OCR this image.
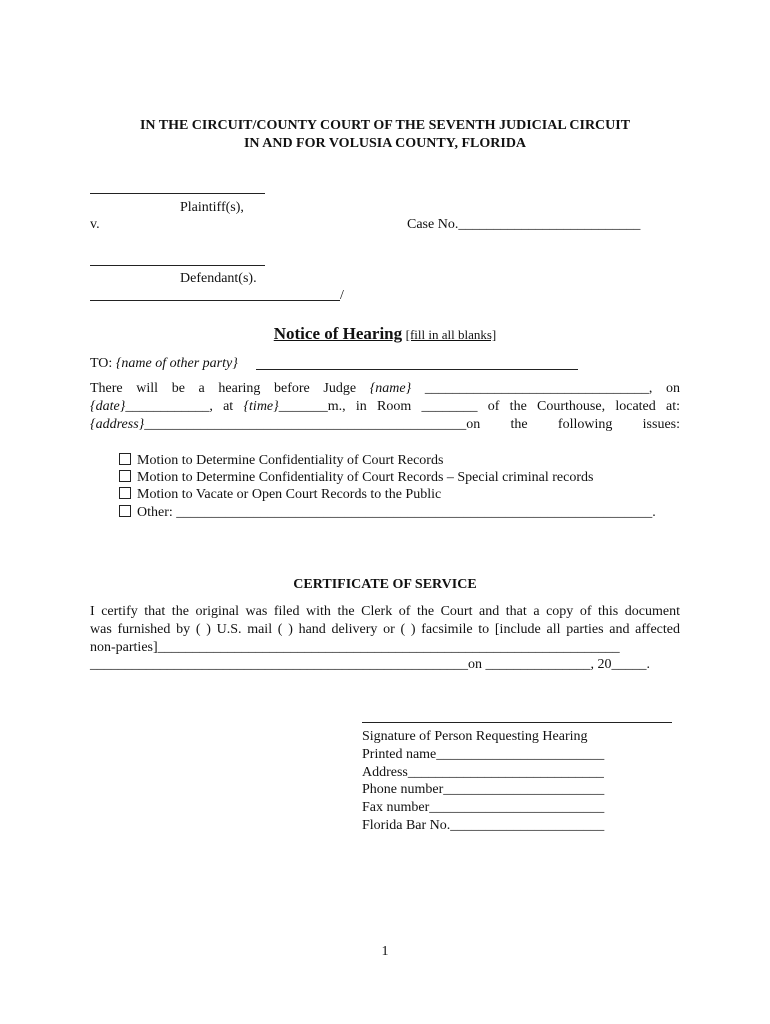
IN THE CIRCUIT/COUNTY COURT OF THE SEVENTH JUDICIAL CIRCUIT
IN AND FOR VOLUSIA COUNTY, FLORIDA
Plaintiff(s),
v.	Case No.__________________________
Defendant(s).
/
Notice of Hearing [fill in all blanks]
TO: {name of other party}
There will be a hearing before Judge {name} ________________________________, on
{date}____________, at {time}_______m., in Room ________ of the Courthouse, located at:
{address}______________________________________________on the following issues:
Motion to Determine Confidentiality of Court Records
Motion to Determine Confidentiality of Court Records – Special criminal records
Motion to Vacate or Open Court Records to the Public
Other: ____________________________________________________________________.
CERTIFICATE OF SERVICE
I certify that the original was filed with the Clerk of the Court and that a copy of this document
was furnished by ( ) U.S. mail ( ) hand delivery or ( ) facsimile to [include all parties and affected
non-parties]__________________________________________________________________
______________________________________________________on _______________, 20_____.
Signature of Person Requesting Hearing
Printed name________________________
Address____________________________
Phone number_______________________
Fax number_________________________
Florida Bar No.______________________
1
